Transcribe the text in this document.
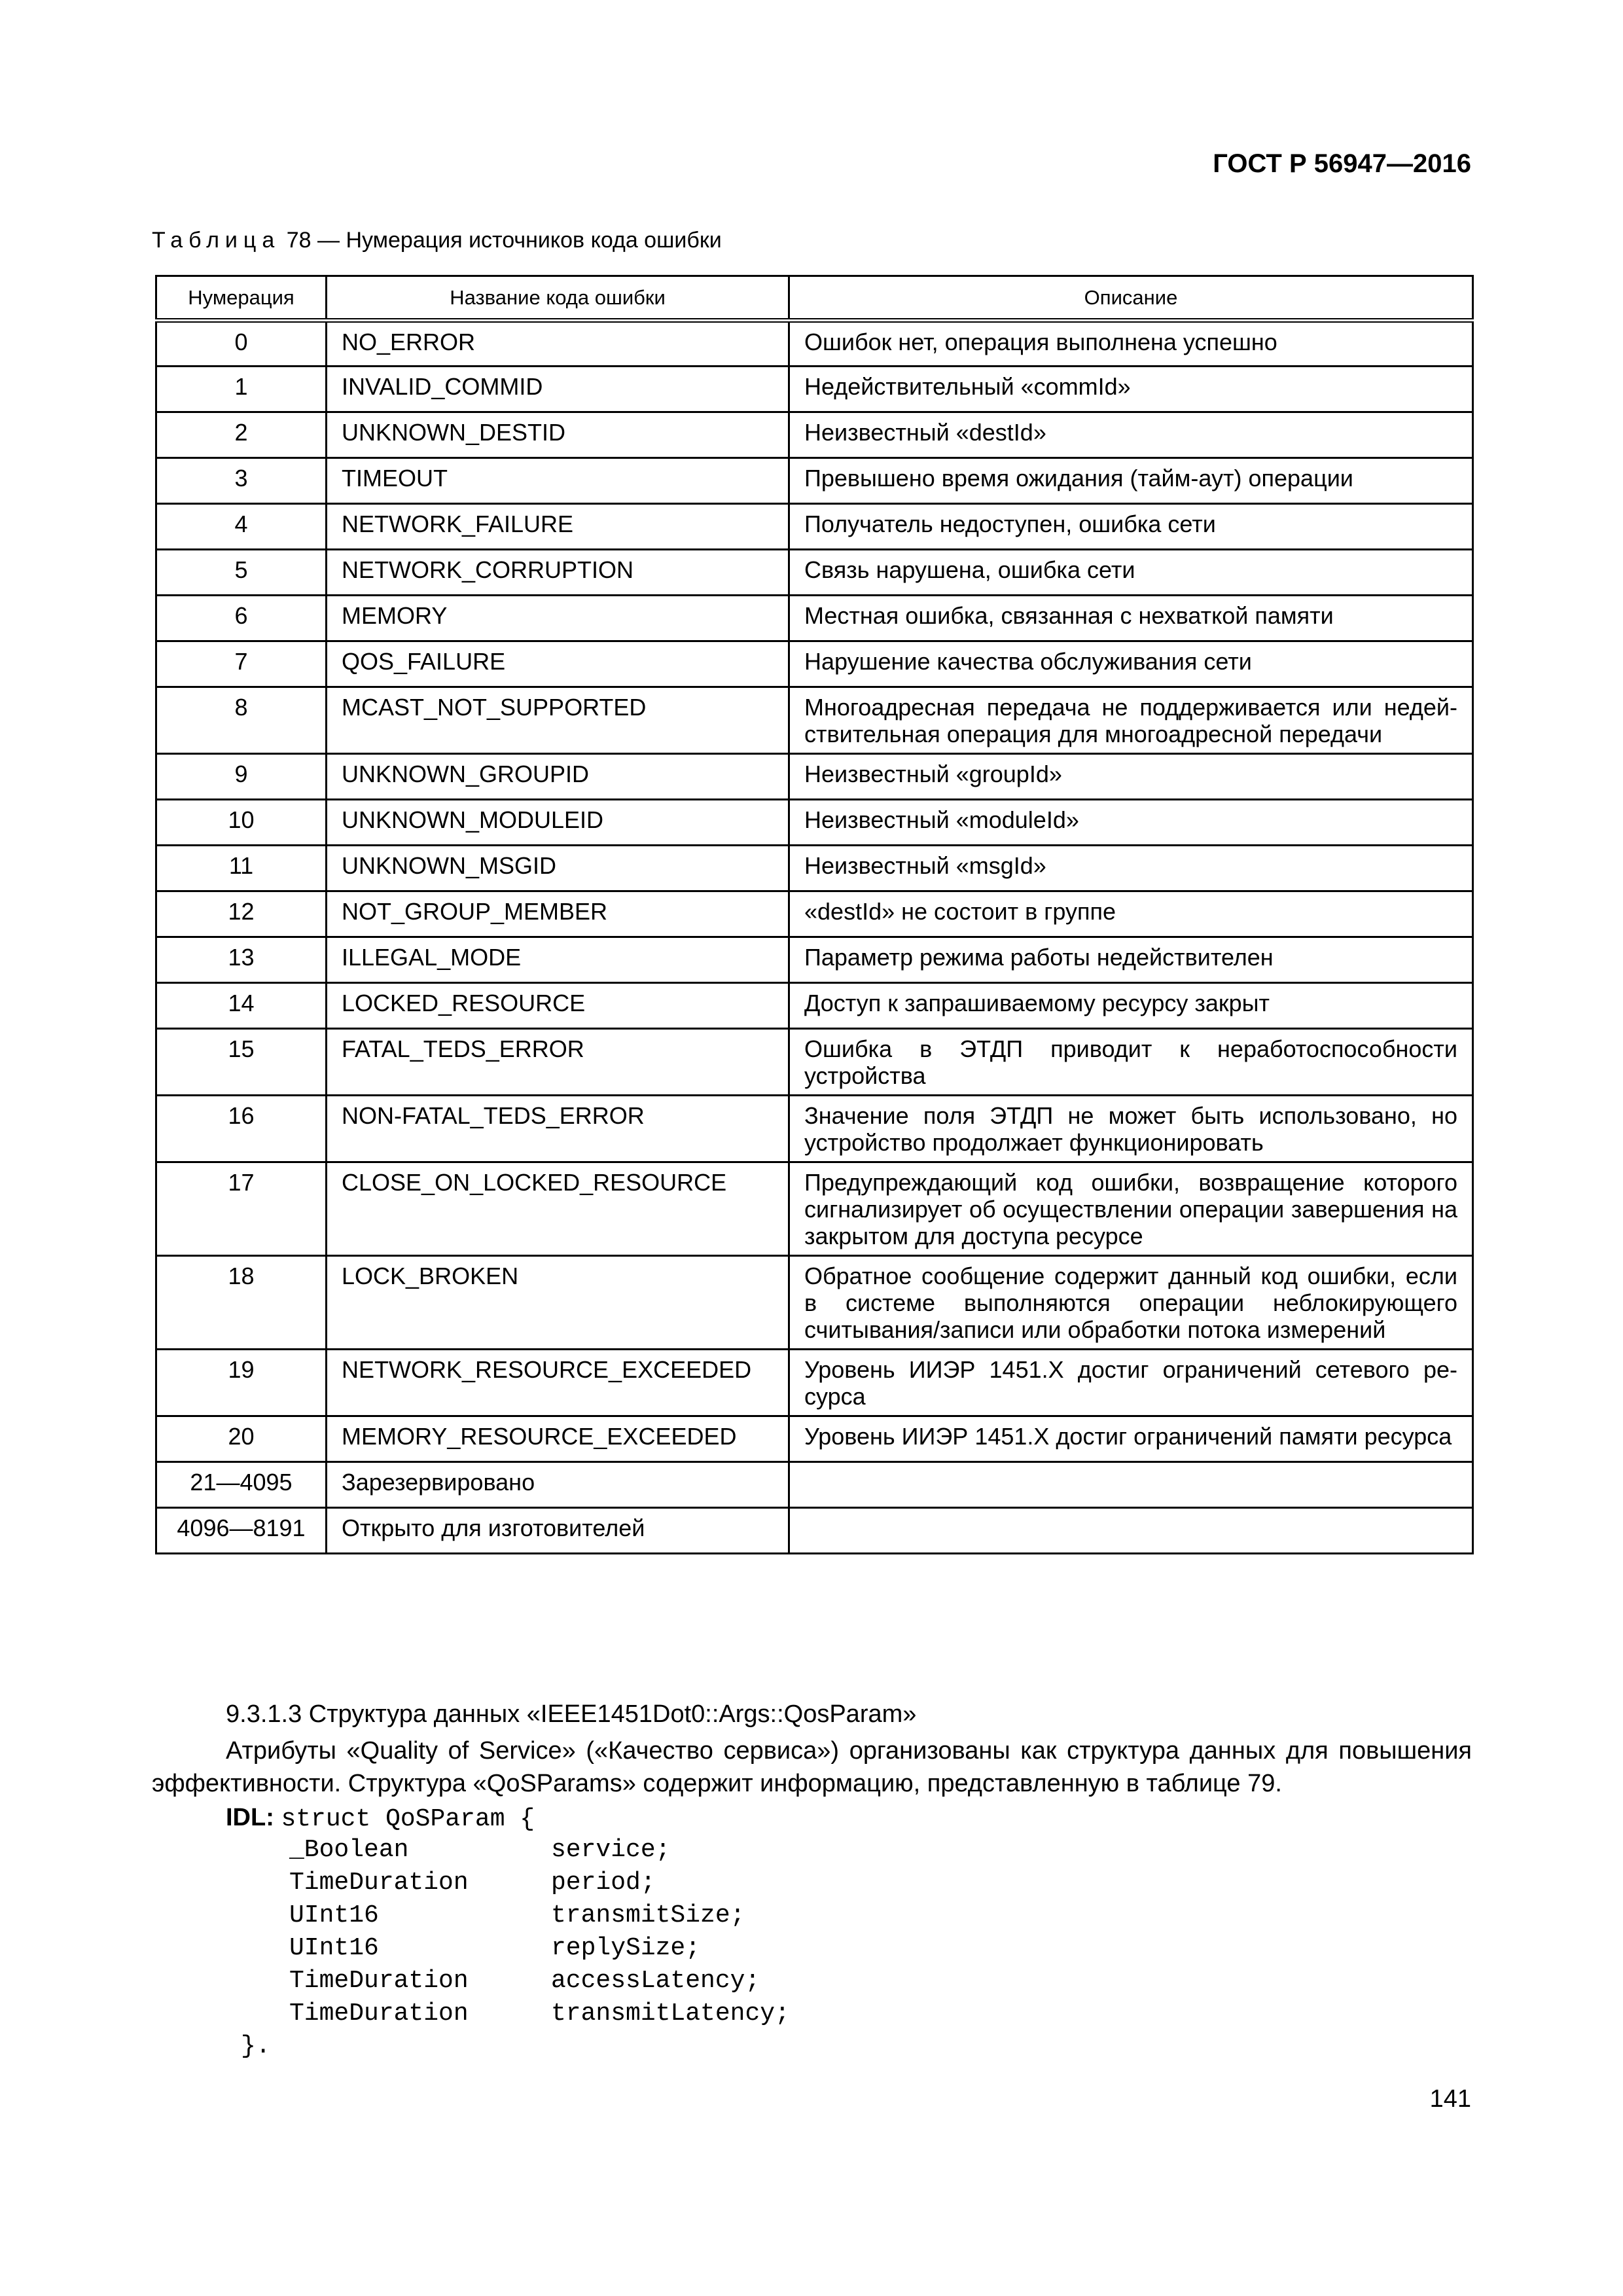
ГОСТ Р 56947—2016
Таблица 78 — Нумерация источников кода ошибки
Нумерация	Название кода ошибки	Описание
0	NO_ERROR	Ошибок нет, операция выполнена успешно
1	INVALID_COMMID	Недействительный «commId»
2	UNKNOWN_DESTID	Неизвестный «destId»
3	TIMEOUT	Превышено время ожидания (тайм-аут) операции
4	NETWORK_FAILURE	Получатель недоступен, ошибка сети
5	NETWORK_CORRUPTION	Связь нарушена, ошибка сети
6	MEMORY	Местная ошибка, связанная с нехваткой памяти
7	QOS_FAILURE	Нарушение качества обслуживания сети
8	MCAST_NOT_SUPPORTED	Многоадресная передача не поддерживается или недействительная операция для многоадресной передачи
9	UNKNOWN_GROUPID	Неизвестный «groupId»
10	UNKNOWN_MODULEID	Неизвестный «moduleId»
11	UNKNOWN_MSGID	Неизвестный «msgId»
12	NOT_GROUP_MEMBER	«destId» не состоит в группе
13	ILLEGAL_MODE	Параметр режима работы недействителен
14	LOCKED_RESOURCE	Доступ к запрашиваемому ресурсу закрыт
15	FATAL_TEDS_ERROR	Ошибка в ЭТДП приводит к неработоспособности устройства
16	NON-FATAL_TEDS_ERROR	Значение поля ЭТДП не может быть использовано, но устройство продолжает функционировать
17	CLOSE_ON_LOCKED_RESOURCE	Предупреждающий код ошибки, возвращение которого сигнализирует об осуществлении операции завершения на закрытом для доступа ресурсе
18	LOCK_BROKEN	Обратное сообщение содержит данный код ошибки, если в системе выполняются операции неблокирующего считывания/записи или обработки потока измерений
19	NETWORK_RESOURCE_EXCEEDED	Уровень ИИЭР 1451.X достиг ограничений сетевого ресурса
20	MEMORY_RESOURCE_EXCEEDED	Уровень ИИЭР 1451.X достиг ограничений памяти ресурса
21—4095	Зарезервировано	
4096—8191	Открыто для изготовителей	
9.3.1.3 Структура данных «IEEE1451Dot0::Args::QosParam»
Атрибуты «Quality of Service» («Качество сервиса») организованы как структура данных для повышения эффективности. Структура «QoSParams» содержит информацию, представленную в таблице 79.
IDL: struct QoSParam {
_Boolean	service;
TimeDuration	period;
UInt16	transmitSize;
UInt16	replySize;
TimeDuration	accessLatency;
TimeDuration	transmitLatency;
}.
141
